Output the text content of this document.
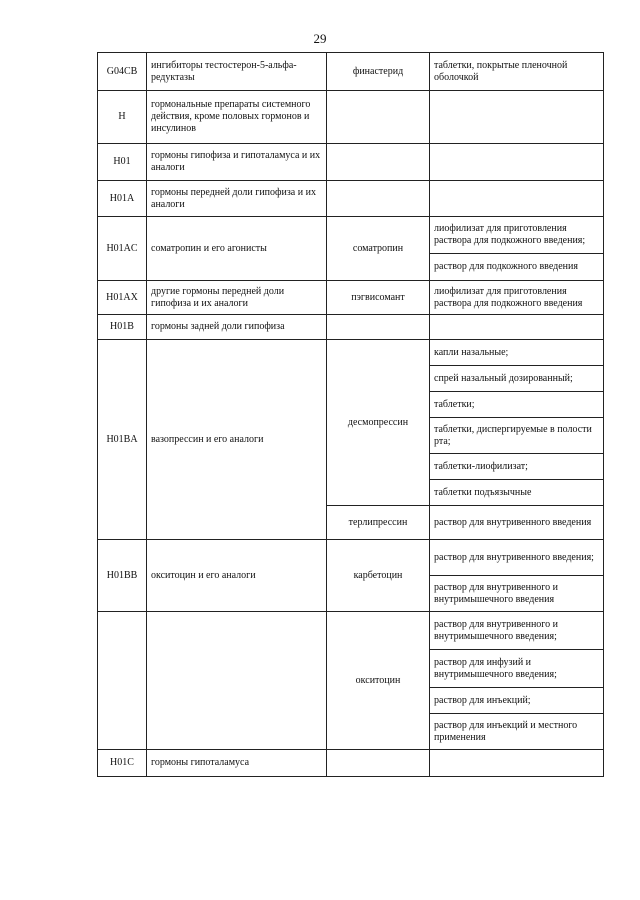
29
G04CB	ингибиторы тестостерон-5-альфа-редуктазы	финастерид	таблетки, покрытые пленочной оболочкой
H	гормональные препараты системного действия, кроме половых гормонов и инсулинов		
H01	гормоны гипофиза и гипоталамуса и их аналоги		
H01A	гормоны передней доли гипофиза и их аналоги		
H01AC	соматропин и его агонисты	соматропин	лиофилизат для приготовления раствора для подкожного введения;
			раствор для подкожного введения
H01AX	другие гормоны передней доли гипофиза и их аналоги	пэгвисомант	лиофилизат для приготовления раствора для подкожного введения
H01B	гормоны задней доли гипофиза		
H01BA	вазопрессин и его аналоги	десмопрессин	капли назальные;
			спрей назальный дозированный;
			таблетки;
			таблетки, диспергируемые в полости рта;
			таблетки-лиофилизат;
			таблетки подъязычные
		терлипрессин	раствор для внутривенного введения
H01BB	окситоцин и его аналоги	карбетоцин	раствор для внутривенного введения;
			раствор для внутривенного и внутримышечного введения
		окситоцин	раствор для внутривенного и внутримышечного введения;
			раствор для инфузий и внутримышечного введения;
			раствор для инъекций;
			раствор для инъекций и местного применения
H01C	гормоны гипоталамуса		
